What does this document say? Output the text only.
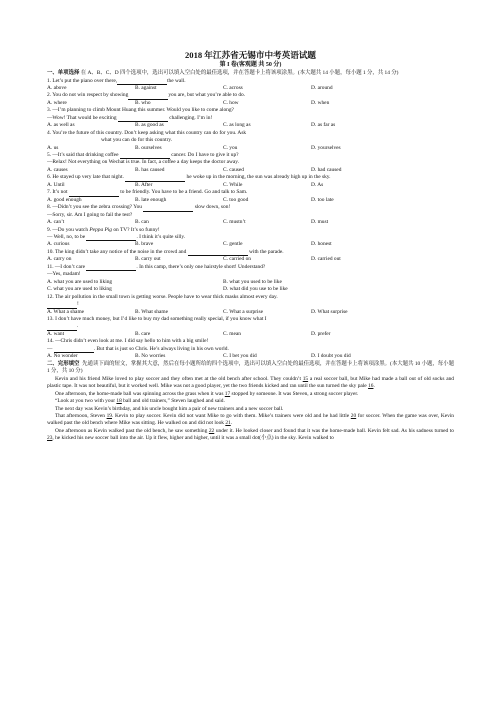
2018 年江苏省无锡市中考英语试题

第 I 卷(客观题 共 50 分)

一、单项选择 在 A、B、C、D 四个选项中，选出可以填入空白处的最佳选项，并在答题卡上将该项涂黑。(本大题共 14 小题，每小题 1 分，共 14 分)

1. Let’s put the piano over there,	the wall.

A. above	B. against	C. across	D. around

2. You do not win respect by showing	you are, but what you’re able to do.

A. where	B. who	C. how	D. when

3. —I’m planning to climb Mount Huang this summer. Would you like to come along?

—Wow! That would be exciting	challenging. I’m in!

A. as well as	B. as good as	C. as long as	D. as far as

4. You’re the future of this country. Don’t keep asking what this country can do for you. Ask

what you can do for this country.

A. us	B. ourselves	C. you	D. yourselves

5. —It’s said that drinking coffee	cancer. Do I have to give it up?

—Relax! Not everything on Wechat is true. In fact, a coffee a day keeps the doctor away.

A. causes	B. has caused	C. caused	D. had caused

6. He stayed up very late that night.	he woke up in the morning, the sun was already high up in the sky.

A. Until	B. After	C. While	D. As

7. It’s not	to be friendly. You have to be a friend. Go and talk to Sam.

A. good enough	B. late enough	C. too good	D. too late

8. —Didn’t you see the zebra crossing? You	slow down, son!

—Sorry, sir. Am I going to fail the test?

A. can’t	B. can	C. mustn’t	D. must

9. —Do you watch Peppa Pig on TV? It’s so funny!

— Well, no, to be	. I think it’s quite silly.

A. curious	B. brave	C. gentle	D. honest

10. The king didn’t take any notice of the noise in the crowd and	with the parade.

A. carry on	B. carry out	C. carried on	D. carried out

11. —I don’t care	. In this camp, there’s only one hairstyle short! Understand?

—Yes, madam!

A. what you are used to liking	B. what you used to be like
C. what you are used to liking	D. what did you use to be like

12. The air pollution in the small town is getting worse. People have to wear thick masks almost every day.

!

A. What a shame	B. What shame	C. What a surprise	D. What surprise

13. I don’t have much money, but I’d like to buy my dad something really special, if you know what I

.

A. want	B. care	C. mean	D. prefer

14. —Chris didn’t even look at me. I did say hello to him with a big smile!

—	. But that is just so Chris. He’s always living in his own world.

A. No wonder	B. No worries	C. I bet you did	D. I doubt you did

二、完形填空 先通读下面的短文，掌握其大意，然后在每小题所给的四个选项中，选出可以填入空白处的最佳选项，并在答题卡上将该项涂黑。(本大题共 10 小题，每小题 1 分，共 10 分)

Kevin and his friend Mike loved to play soccer and they often met at the old bench after school. They couldn’t 15 a real soccer ball, but Mike had made a ball out of old socks and plastic tape. It was not beautiful, but it worked well. Mike was not a good player, yet the two friends kicked and ran until the sun turned the sky pale 16.

One afternoon, the home-made ball was spinning across the grass when it was 17 stopped by someone. It was Steven, a strong soccer player.

“Look at you two with your 18 ball and old trainers,” Steven laughed and said.

The next day was Kevin’s birthday, and his uncle bought him a pair of new trainers and a new soccer ball.

That afternoon, Steven 19. Kevin to play soccer. Kevin did not want Mike to go with them. Mike’s trainers were old and he had little 20 for soccer. When the game was over, Kevin walked past the old bench where Mike was sitting. He walked on and did not look 21.

One afternoon as Kevin walked past the old bench, he saw something 22 under it. He looked closer and found that it was the home-made ball. Kevin felt sad. As his sadness turned to 23, he kicked his new soccer ball into the air. Up it flew, higher and higher, until it was a small dot(小点) in the sky. Kevin walked to
